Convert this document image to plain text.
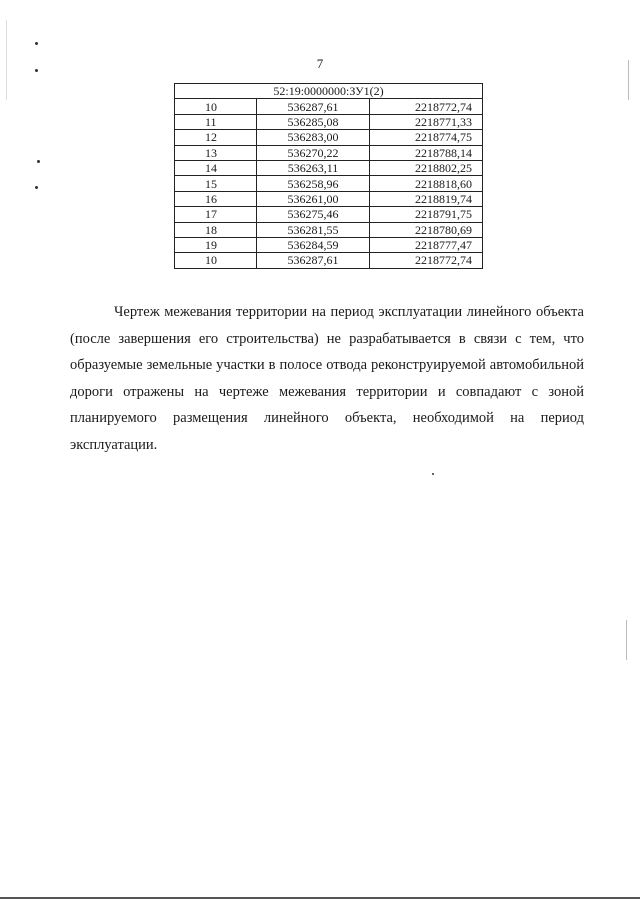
7
52:19:0000000:ЗУ1(2)		
10	536287,61	2218772,74
11	536285,08	2218771,33
12	536283,00	2218774,75
13	536270,22	2218788,14
14	536263,11	2218802,25
15	536258,96	2218818,60
16	536261,00	2218819,74
17	536275,46	2218791,75
18	536281,55	2218780,69
19	536284,59	2218777,47
10	536287,61	2218772,74

Чертеж межевания территории на период эксплуатации линейного объекта (после завершения его строительства) не разрабатывается в связи с тем, что образуемые земельные участки в полосе отвода реконструируемой автомобильной дороги отражены на чертеже межевания территории и совпадают с зоной планируемого размещения линейного объекта, необходимой на период эксплуатации.
